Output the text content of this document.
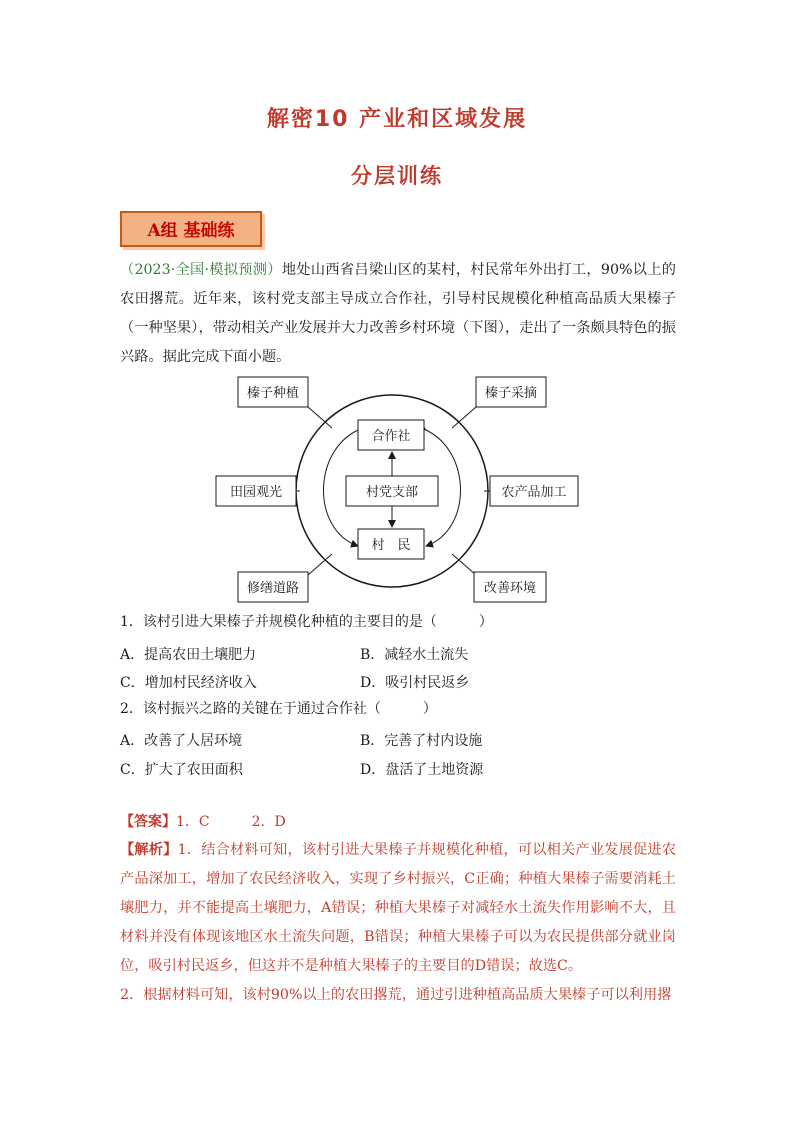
解密10 产业和区域发展
分层训练
A组 基础练
（2023·全国·模拟预测）地处山西省吕梁山区的某村，村民常年外出打工，90%以上的农田撂荒。近年来，该村党支部主导成立合作社，引导村民规模化种植高品质大果榛子（一种坚果），带动相关产业发展并大力改善乡村环境（下图），走出了一条颇具特色的振兴路。据此完成下面小题。
榛子种植	榛子采摘
田园观光	农产品加工
修缮道路	改善环境
合作社
村党支部
村　民
1．该村引进大果榛子并规模化种植的主要目的是（　　　）
A．提高农田土壤肥力	B．减轻水土流失
C．增加村民经济收入	D．吸引村民返乡
2．该村振兴之路的关键在于通过合作社（　　　）
A．改善了人居环境	B．完善了村内设施
C．扩大了农田面积	D．盘活了土地资源
【答案】1．C　　　2．D
【解析】1．结合材料可知，该村引进大果榛子并规模化种植，可以相关产业发展促进农产品深加工，增加了农民经济收入，实现了乡村振兴，C正确；种植大果榛子需要消耗土壤肥力，并不能提高土壤肥力，A错误；种植大果榛子对减轻水土流失作用影响不大，且材料并没有体现该地区水土流失问题，B错误；种植大果榛子可以为农民提供部分就业岗位，吸引村民返乡，但这并不是种植大果榛子的主要目的D错误；故选C。
2．根据材料可知，该村90%以上的农田撂荒，通过引进种植高品质大果榛子可以利用撂
